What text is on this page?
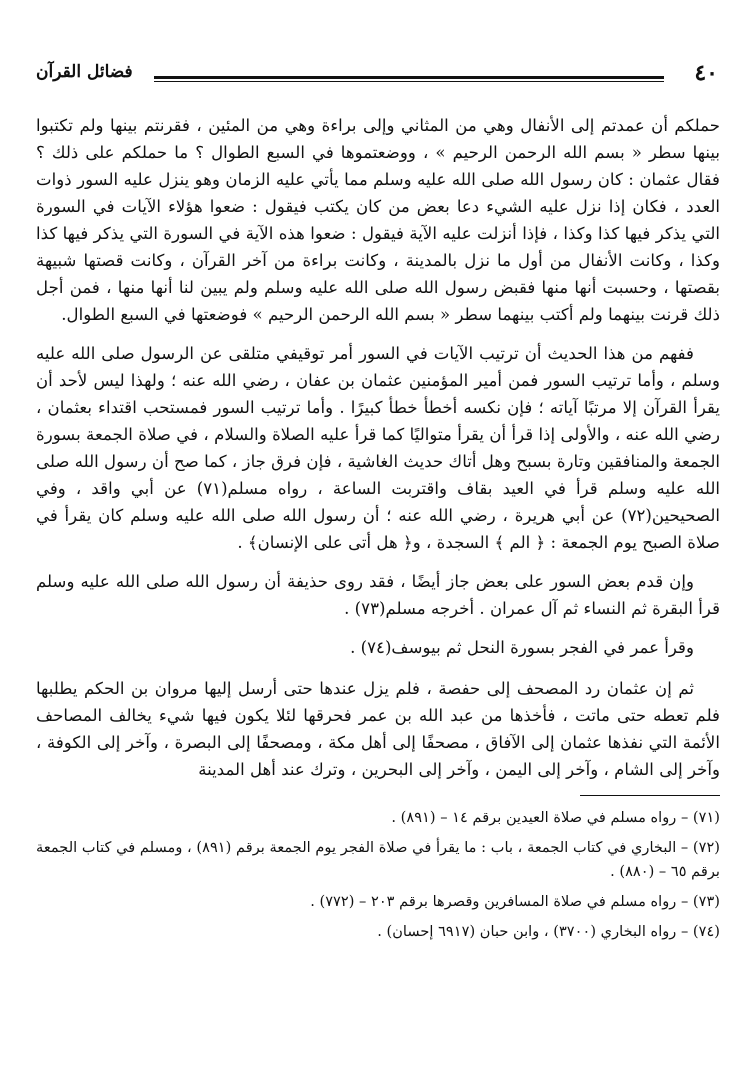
٤٠
فضائل القرآن

حملكم أن عمدتم إلى الأنفال وهي من المثاني وإلى براءة وهي من المئين ، فقرنتم بينها ولم تكتبوا بينها سطر « بسم الله الرحمن الرحيم » ، ووضعتموها في السبع الطوال ؟ ما حملكم على ذلك ؟ فقال عثمان : كان رسول الله صلى الله عليه وسلم مما يأتي عليه الزمان وهو ينزل عليه السور ذوات العدد ، فكان إذا نزل عليه الشيء دعا بعض من كان يكتب فيقول : ضعوا هؤلاء الآيات في السورة التي يذكر فيها كذا وكذا ، فإذا أنزلت عليه الآية فيقول : ضعوا هذه الآية في السورة التي يذكر فيها كذا وكذا ، وكانت الأنفال من أول ما نزل بالمدينة ، وكانت براءة من آخر القرآن ، وكانت قصتها شبيهة بقصتها ، وحسبت أنها منها فقبض رسول الله صلى الله عليه وسلم ولم يبين لنا أنها منها ، فمن أجل ذلك قرنت بينهما ولم أكتب بينهما سطر « بسم الله الرحمن الرحيم » فوضعتها في السبع الطوال.

ففهم من هذا الحديث أن ترتيب الآيات في السور أمر توقيفي متلقى عن الرسول صلى الله عليه وسلم ، وأما ترتيب السور فمن أمير المؤمنين عثمان بن عفان ، رضي الله عنه ؛ ولهذا ليس لأحد أن يقرأ القرآن إلا مرتبًا آياته ؛ فإن نكسه أخطأ خطأ كبيرًا . وأما ترتيب السور فمستحب اقتداء بعثمان ، رضي الله عنه ، والأولى إذا قرأ أن يقرأ متواليًا كما قرأ عليه الصلاة والسلام ، في صلاة الجمعة بسورة الجمعة والمنافقين وتارة بسبح وهل أتاك حديث الغاشية ، فإن فرق جاز ، كما صح أن رسول الله صلى الله عليه وسلم قرأ في العيد بقاف واقتربت الساعة ، رواه مسلم(٧١) عن أبي واقد ، وفي الصحيحين(٧٢) عن أبي هريرة ، رضي الله عنه ؛ أن رسول الله صلى الله عليه وسلم كان يقرأ في صلاة الصبح يوم الجمعة : ﴿ الم ﴾ السجدة ، و﴿ هل أتى على الإنسان﴾ .

وإن قدم بعض السور على بعض جاز أيضًا ، فقد روى حذيفة أن رسول الله صلى الله عليه وسلم قرأ البقرة ثم النساء ثم آل عمران . أخرجه مسلم(٧٣) .

وقرأ عمر في الفجر بسورة النحل ثم بيوسف(٧٤) .

ثم إن عثمان رد المصحف إلى حفصة ، فلم يزل عندها حتى أرسل إليها مروان بن الحكم يطلبها فلم تعطه حتى ماتت ، فأخذها من عبد الله بن عمر فحرقها لئلا يكون فيها شيء يخالف المصاحف الأئمة التي نفذها عثمان إلى الآفاق ، مصحفًا إلى أهل مكة ، ومصحفًا إلى البصرة ، وآخر إلى الكوفة ، وآخر إلى الشام ، وآخر إلى اليمن ، وآخر إلى البحرين ، وترك عند أهل المدينة

(٧١) – رواه مسلم في صلاة العيدين برقم ١٤ – (٨٩١) .

(٧٢) – البخاري في كتاب الجمعة ، باب : ما يقرأ في صلاة الفجر يوم الجمعة برقم (٨٩١) ، ومسلم في كتاب الجمعة برقم ٦٥ – (٨٨٠) .

(٧٣) – رواه مسلم في صلاة المسافرين وقصرها برقم ٢٠٣ – (٧٧٢) .

(٧٤) – رواه البخاري (٣٧٠٠) ، وابن حبان (٦٩١٧ إحسان) .
